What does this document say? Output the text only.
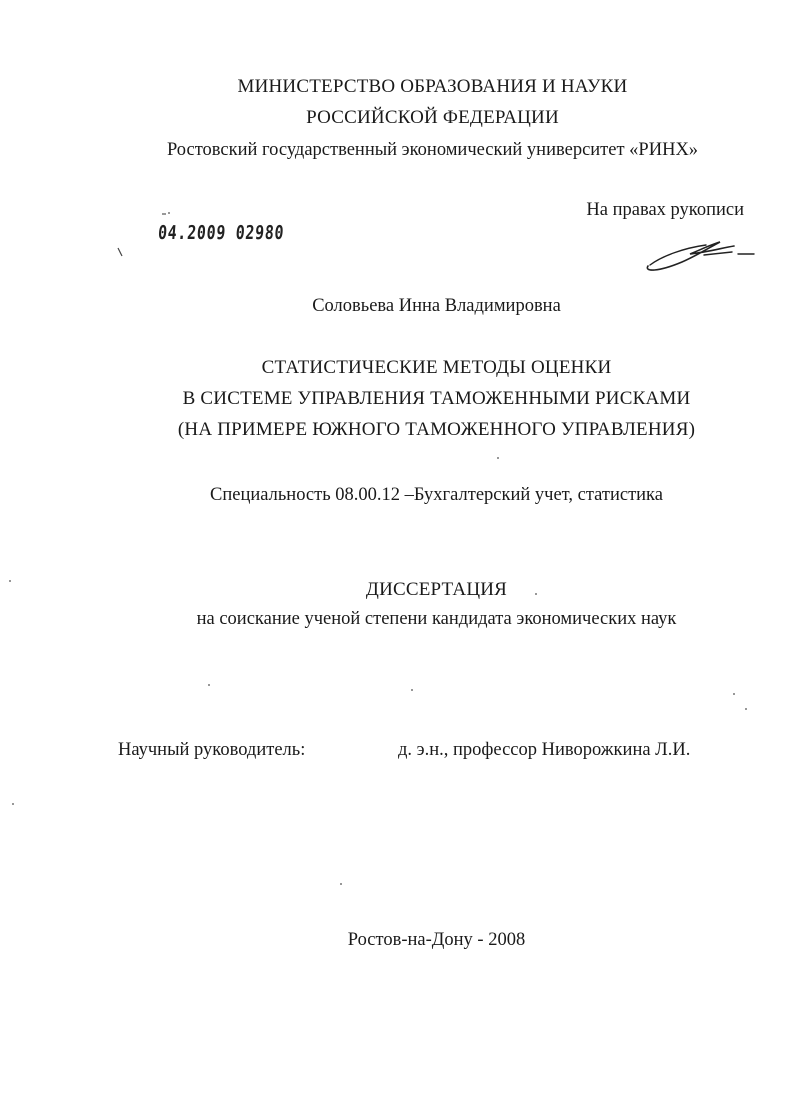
МИНИСТЕРСТВО ОБРАЗОВАНИЯ И НАУКИ
РОССИЙСКОЙ ФЕДЕРАЦИИ
Ростовский государственный экономический университет «РИНХ»
На правах рукописи
04.2009 02980
Соловьева Инна Владимировна
СТАТИСТИЧЕСКИЕ МЕТОДЫ ОЦЕНКИ
В СИСТЕМЕ УПРАВЛЕНИЯ ТАМОЖЕННЫМИ РИСКАМИ
(НА ПРИМЕРЕ ЮЖНОГО ТАМОЖЕННОГО УПРАВЛЕНИЯ)
Специальность 08.00.12 –Бухгалтерский учет, статистика
ДИССЕРТАЦИЯ
на соискание ученой степени кандидата экономических наук
Научный руководитель:	д. э.н., профессор Ниворожкина Л.И.
Ростов-на-Дону - 2008
